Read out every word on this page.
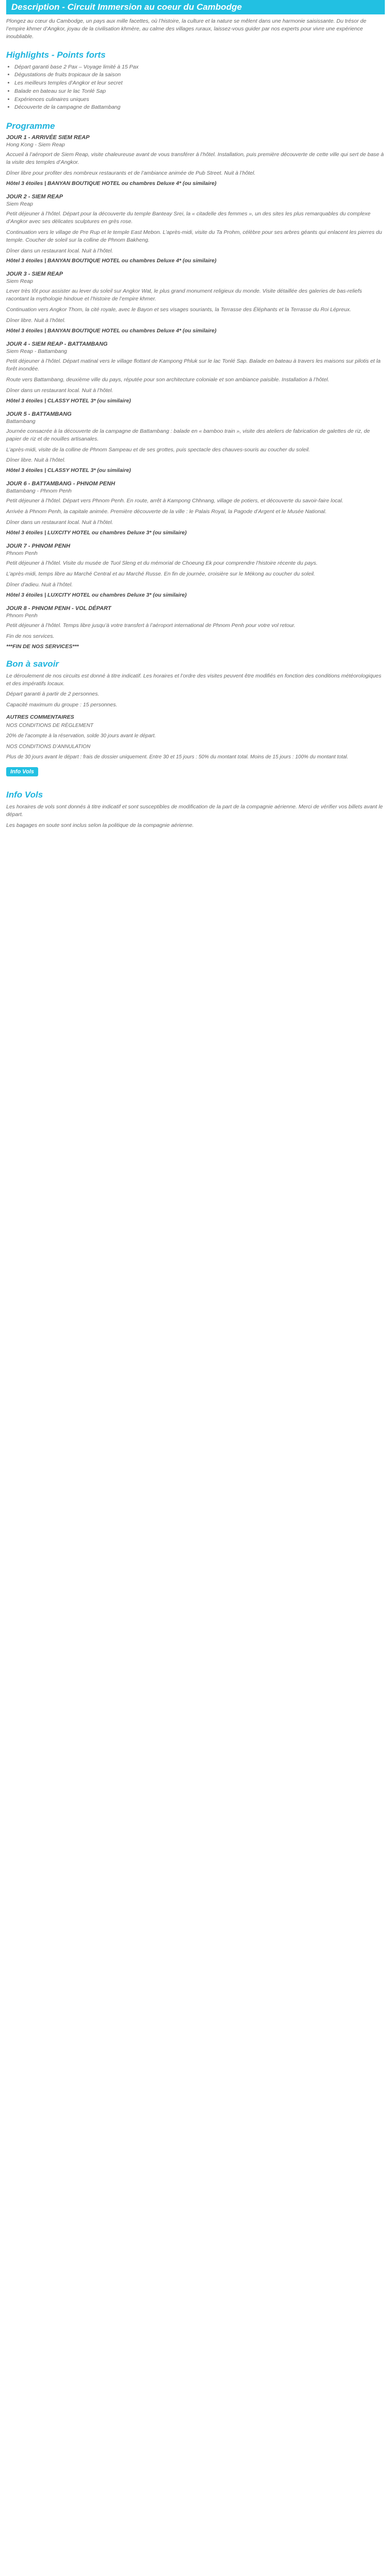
Description - Circuit Immersion au coeur du Cambodge

Plongez au cœur du Cambodge, un pays aux mille facettes, où l’histoire, la culture et la nature se mêlent dans une harmonie saisissante. Du trésor de l’empire khmer d’Angkor, joyau de la civilisation khmère, au calme des villages ruraux, laissez-vous guider par nos experts pour vivre une expérience inoubliable.

Highlights - Points forts
• Départ garanti base 2 Pax – Voyage limité à 15 Pax
• Dégustations de fruits tropicaux de la saison
• Les meilleurs temples d’Angkor et leur secret
• Balade en bateau sur le lac Tonlé Sap
• Expériences culinaires uniques
• Découverte de la campagne de Battambang
Programme
JOUR 1 - ARRIVÉE SIEM REAP
Hong Kong - Siem Reap

Accueil à l’aéroport de Siem Reap, visite chaleureuse avant de vous transférer à l’hôtel. Installation, puis première découverte de cette ville qui sert de base à la visite des temples d’Angkor.

Dîner libre pour profiter des nombreux restaurants et de l’ambiance animée de Pub Street. Nuit à l’hôtel.

Hôtel 3 étoiles | BANYAN BOUTIQUE HOTEL ou chambres Deluxe 4* (ou similaire)
JOUR 2 - SIEM REAP
Siem Reap

Petit déjeuner à l’hôtel. Départ pour la découverte du temple Banteay Srei, la « citadelle des femmes », un des sites les plus remarquables du complexe d’Angkor avec ses délicates sculptures en grès rose.

Continuation vers le village de Pre Rup et le temple East Mebon. L’après-midi, visite du Ta Prohm, célèbre pour ses arbres géants qui enlacent les pierres du temple. Coucher de soleil sur la colline de Phnom Bakheng.

Dîner dans un restaurant local. Nuit à l’hôtel.

Hôtel 3 étoiles | BANYAN BOUTIQUE HOTEL ou chambres Deluxe 4* (ou similaire)
JOUR 3 - SIEM REAP
Siem Reap

Lever très tôt pour assister au lever du soleil sur Angkor Wat, le plus grand monument religieux du monde. Visite détaillée des galeries de bas-reliefs racontant la mythologie hindoue et l’histoire de l’empire khmer.

Continuation vers Angkor Thom, la cité royale, avec le Bayon et ses visages souriants, la Terrasse des Éléphants et la Terrasse du Roi Lépreux.

Dîner libre. Nuit à l’hôtel.

Hôtel 3 étoiles | BANYAN BOUTIQUE HOTEL ou chambres Deluxe 4* (ou similaire)
JOUR 4 - SIEM REAP - BATTAMBANG
Siem Reap - Battambang

Petit déjeuner à l’hôtel. Départ matinal vers le village flottant de Kampong Phluk sur le lac Tonlé Sap. Balade en bateau à travers les maisons sur pilotis et la forêt inondée.

Route vers Battambang, deuxième ville du pays, réputée pour son architecture coloniale et son ambiance paisible. Installation à l’hôtel.

Dîner dans un restaurant local. Nuit à l’hôtel.

Hôtel 3 étoiles | CLASSY HOTEL 3* (ou similaire)
JOUR 5 - BATTAMBANG
Battambang

Journée consacrée à la découverte de la campagne de Battambang : balade en « bamboo train », visite des ateliers de fabrication de galettes de riz, de papier de riz et de nouilles artisanales.

L’après-midi, visite de la colline de Phnom Sampeau et de ses grottes, puis spectacle des chauves-souris au coucher du soleil.

Dîner libre. Nuit à l’hôtel.

Hôtel 3 étoiles | CLASSY HOTEL 3* (ou similaire)
JOUR 6 - BATTAMBANG - PHNOM PENH
Battambang - Phnom Penh

Petit déjeuner à l’hôtel. Départ vers Phnom Penh. En route, arrêt à Kampong Chhnang, village de potiers, et découverte du savoir-faire local.

Arrivée à Phnom Penh, la capitale animée. Première découverte de la ville : le Palais Royal, la Pagode d’Argent et le Musée National.

Dîner dans un restaurant local. Nuit à l’hôtel.

Hôtel 3 étoiles | LUXCITY HOTEL ou chambres Deluxe 3* (ou similaire)
JOUR 7 - PHNOM PENH
Phnom Penh

Petit déjeuner à l’hôtel. Visite du musée de Tuol Sleng et du mémorial de Choeung Ek pour comprendre l’histoire récente du pays.

L’après-midi, temps libre au Marché Central et au Marché Russe. En fin de journée, croisière sur le Mékong au coucher du soleil.

Dîner d’adieu. Nuit à l’hôtel.

Hôtel 3 étoiles | LUXCITY HOTEL ou chambres Deluxe 3* (ou similaire)
JOUR 8 - PHNOM PENH - VOL DÉPART
Phnom Penh

Petit déjeuner à l’hôtel. Temps libre jusqu’à votre transfert à l’aéroport international de Phnom Penh pour votre vol retour.

Fin de nos services.

***FIN DE NOS SERVICES***
Bon à savoir

Le déroulement de nos circuits est donné à titre indicatif. Les horaires et l’ordre des visites peuvent être modifiés en fonction des conditions météorologiques et des impératifs locaux.

Départ garanti à partir de 2 personnes.

Capacité maximum du groupe : 15 personnes.

AUTRES COMMENTAIRES

NOS CONDITIONS DE RÈGLEMENT

20% de l’acompte à la réservation, solde 30 jours avant le départ.

NOS CONDITIONS D’ANNULATION

Plus de 30 jours avant le départ : frais de dossier uniquement. Entre 30 et 15 jours : 50% du montant total. Moins de 15 jours : 100% du montant total.

Info Vols
Info Vols

Les horaires de vols sont donnés à titre indicatif et sont susceptibles de modification de la part de la compagnie aérienne. Merci de vérifier vos billets avant le départ.

Les bagages en soute sont inclus selon la politique de la compagnie aérienne.
